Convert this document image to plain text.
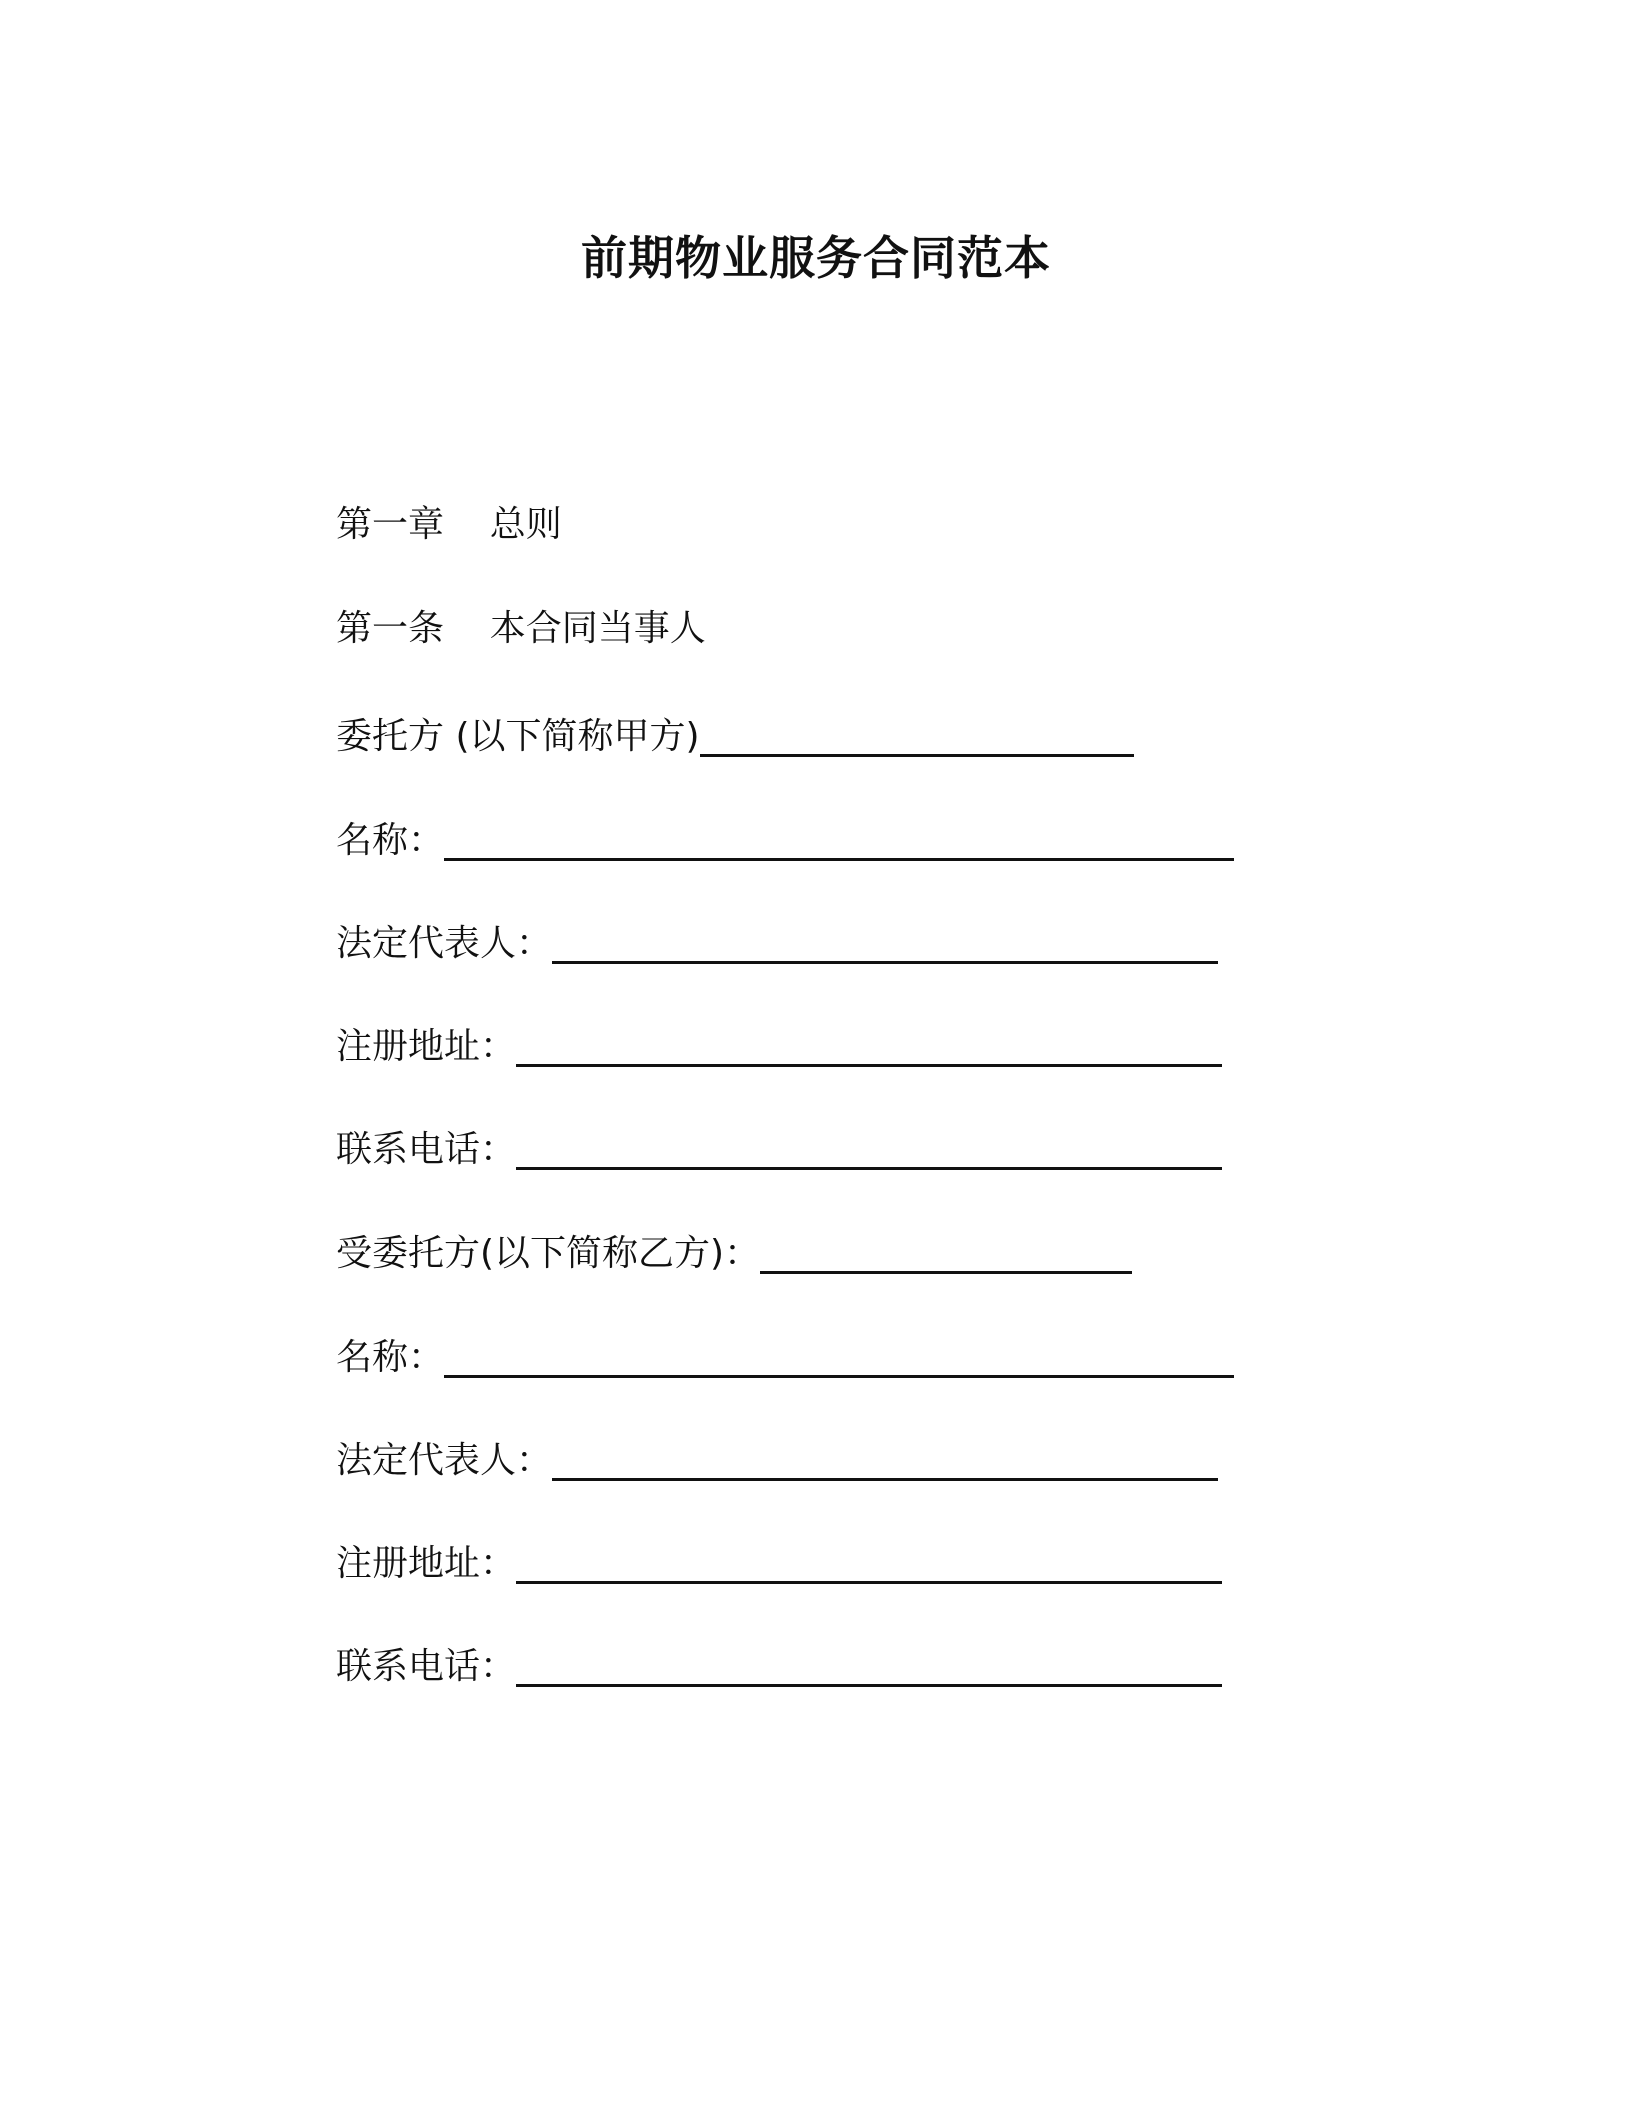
前期物业服务合同范本
第一章    总则
第一条    本合同当事人
委托方 (以下简称甲方)
名称：
法定代表人：
注册地址：
联系电话：
受委托方(以下简称乙方)：
名称：
法定代表人：
注册地址：
联系电话：
